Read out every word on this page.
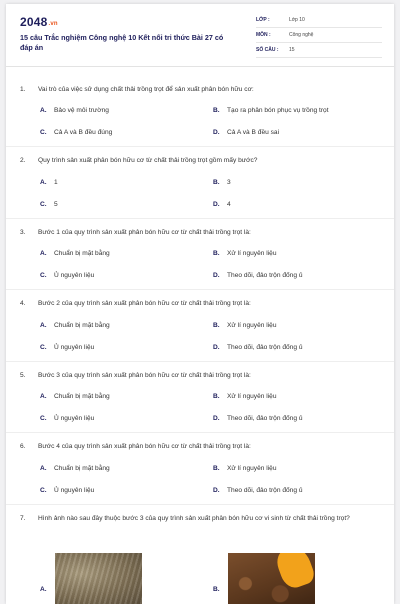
2048.vn
15 câu Trắc nghiệm Công nghệ 10 Kết nối tri thức Bài 27 có đáp án
LỚP :	Lớp 10
MÔN :	Công nghệ
SỐ CÂU : 15
1. Vai trò của việc sử dụng chất thải trồng trọt để sản xuất phân bón hữu cơ:
A. Bảo vệ môi trường	B. Tạo ra phân bón phục vụ trồng trọt
C. Cả A và B đều đúng	D. Cả A và B đều sai
2. Quy trình sản xuất phân bón hữu cơ từ chất thải trồng trọt gồm mấy bước?
A. 1	B. 3
C. 5	D. 4
3. Bước 1 của quy trình sản xuất phân bón hữu cơ từ chất thải trồng trọt là:
A. Chuẩn bị mặt bằng	B. Xử lí nguyên liệu
C. Ủ nguyên liệu	D. Theo dõi, đảo trộn đống ủ
4. Bước 2 của quy trình sản xuất phân bón hữu cơ từ chất thải trồng trọt là:
A. Chuẩn bị mặt bằng	B. Xử lí nguyên liệu
C. Ủ nguyên liệu	D. Theo dõi, đảo trộn đống ủ
5. Bước 3 của quy trình sản xuất phân bón hữu cơ từ chất thải trồng trọt là:
A. Chuẩn bị mặt bằng	B. Xử lí nguyên liệu
C. Ủ nguyên liệu	D. Theo dõi, đảo trộn đống ủ
6. Bước 4 của quy trình sản xuất phân bón hữu cơ từ chất thải trồng trọt là:
A. Chuẩn bị mặt bằng	B. Xử lí nguyên liệu
C. Ủ nguyên liệu	D. Theo dõi, đảo trộn đống ủ
7. Hình ảnh nào sau đây thuộc bước 3 của quy trình sản xuất phân bón hữu cơ vi sinh từ chất thải trồng trọt?
A.	B.
